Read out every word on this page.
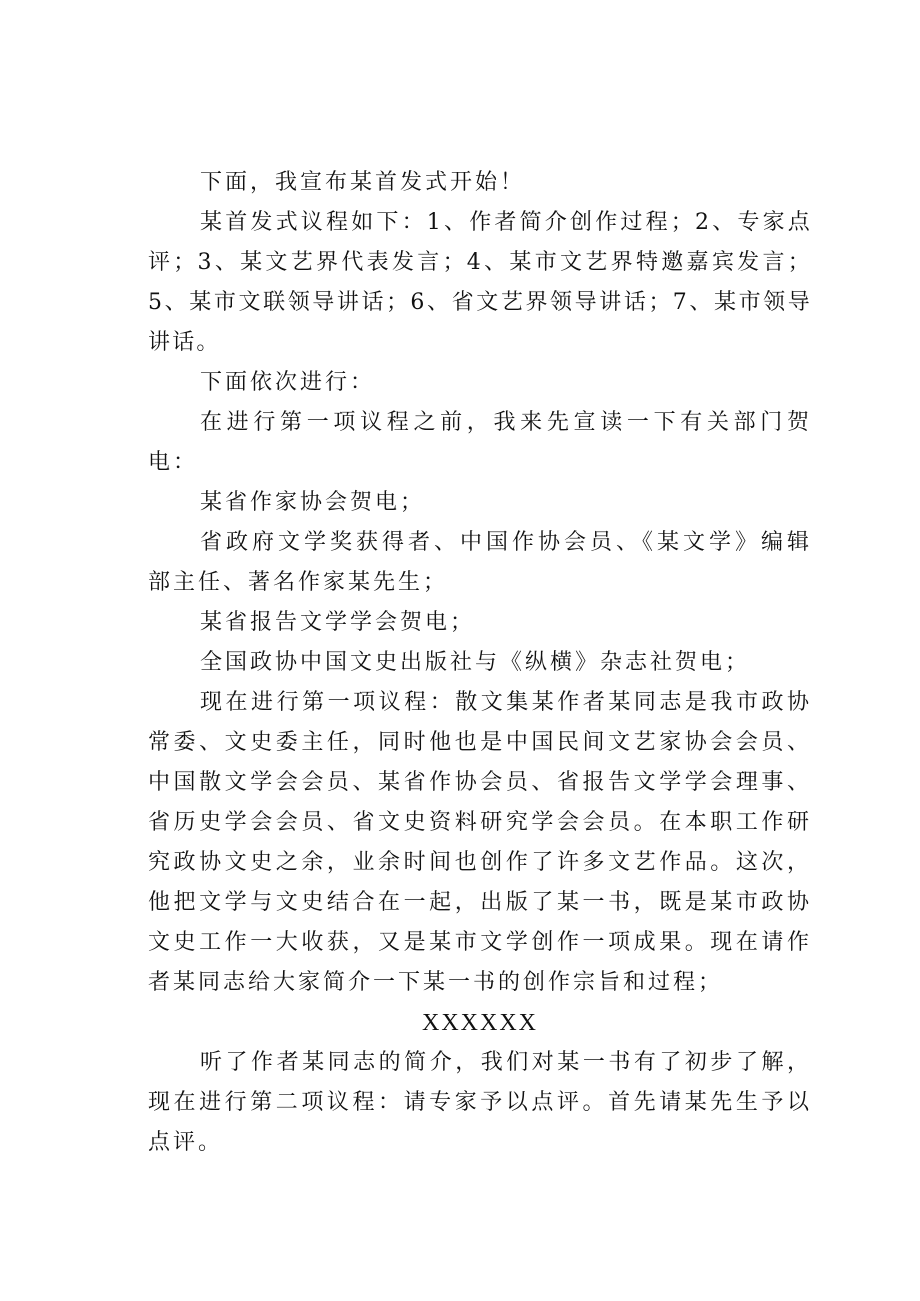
下面，我宣布某首发式开始！

某首发式议程如下：1、作者简介创作过程；2、专家点评；3、某文艺界代表发言；4、某市文艺界特邀嘉宾发言；5、某市文联领导讲话；6、省文艺界领导讲话；7、某市领导讲话。

下面依次进行：

在进行第一项议程之前，我来先宣读一下有关部门贺电：

某省作家协会贺电；

省政府文学奖获得者、中国作协会员、《某文学》编辑部主任、著名作家某先生；

某省报告文学学会贺电；

全国政协中国文史出版社与《纵横》杂志社贺电；

现在进行第一项议程：散文集某作者某同志是我市政协常委、文史委主任，同时他也是中国民间文艺家协会会员、中国散文学会会员、某省作协会员、省报告文学学会理事、省历史学会会员、省文史资料研究学会会员。在本职工作研究政协文史之余，业余时间也创作了许多文艺作品。这次，他把文学与文史结合在一起，出版了某一书，既是某市政协文史工作一大收获，又是某市文学创作一项成果。现在请作者某同志给大家简介一下某一书的创作宗旨和过程；

XXXXXX

听了作者某同志的简介，我们对某一书有了初步了解，现在进行第二项议程：请专家予以点评。首先请某先生予以点评。
